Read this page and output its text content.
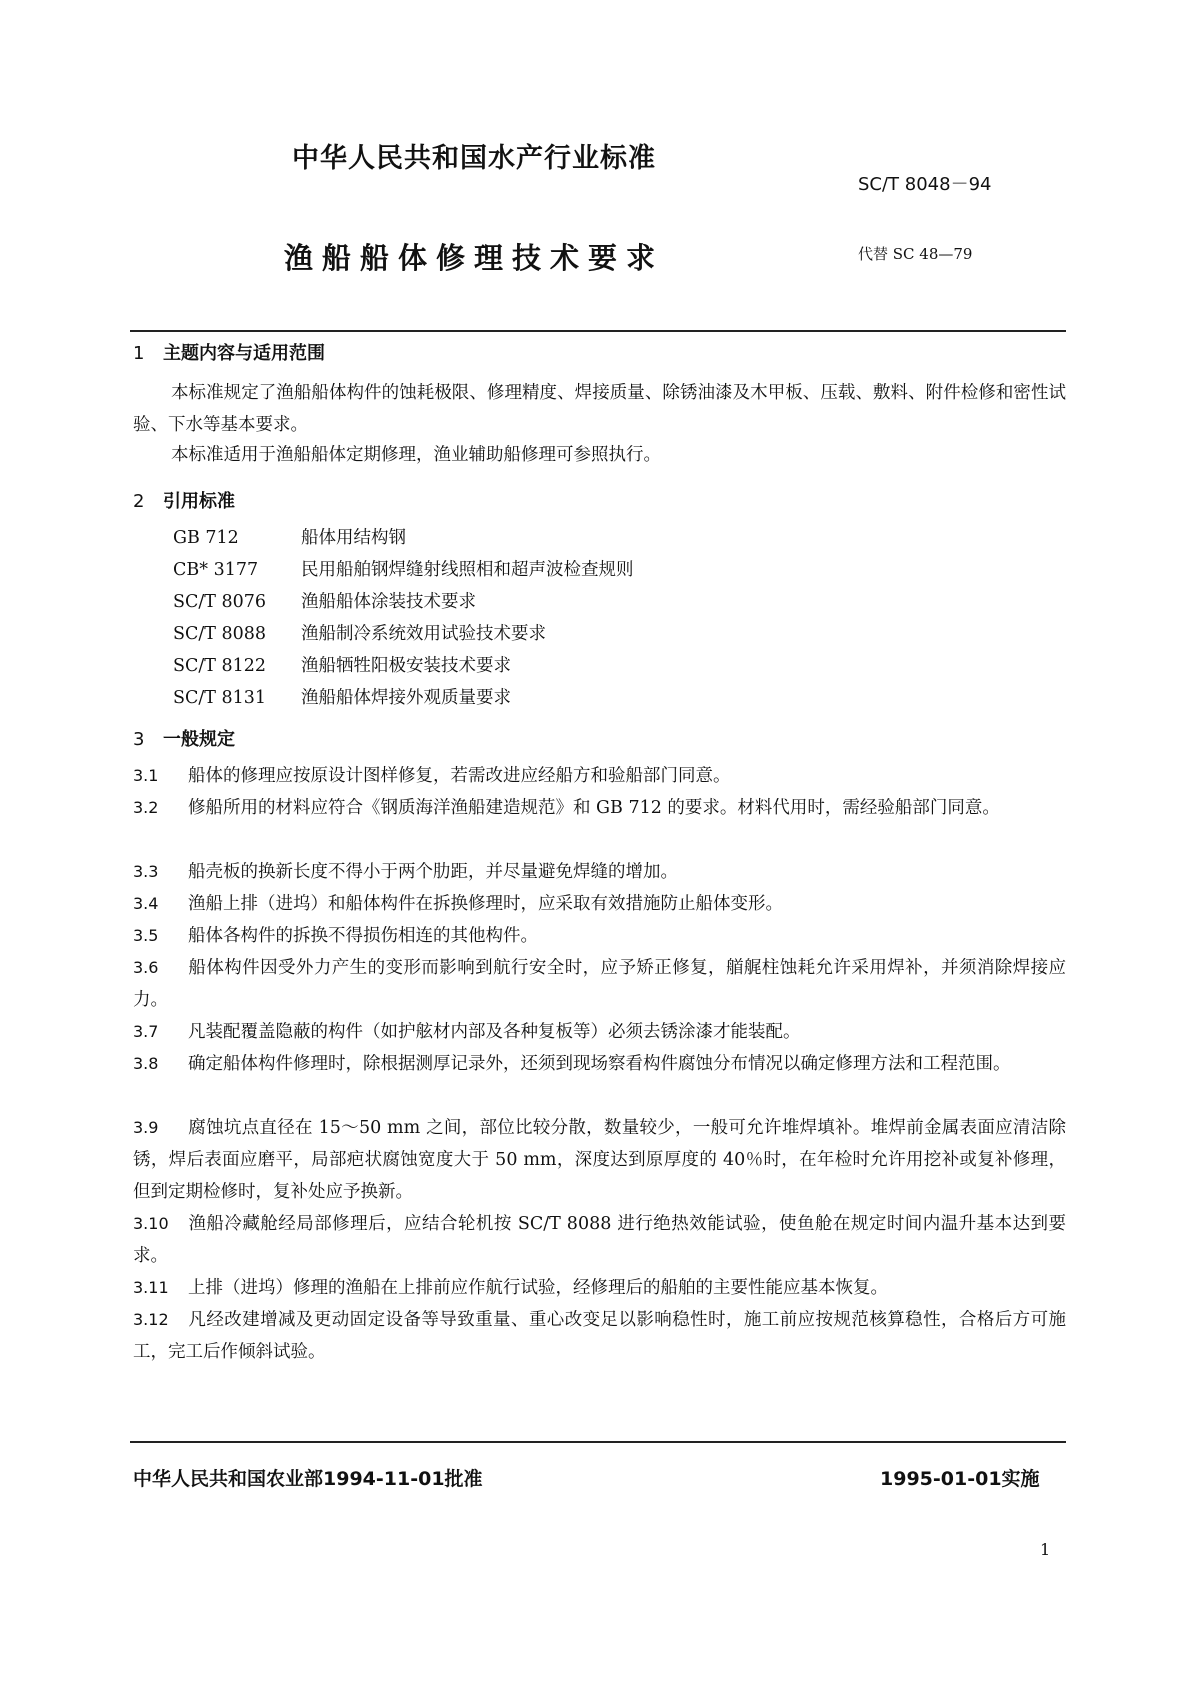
中华人民共和国水产行业标准
SC/T 8048－94
渔船船体修理技术要求	代替 SC 48—79
1 主题内容与适用范围
本标准规定了渔船船体构件的蚀耗极限、修理精度、焊接质量、除锈油漆及木甲板、压载、敷料、附件检修和密性试验、下水等基本要求。
本标准适用于渔船船体定期修理，渔业辅助船修理可参照执行。
2 引用标准
GB 712	船体用结构钢
CB* 3177 民用船舶钢焊缝射线照相和超声波检查规则
SC/T 8076 渔船船体涂装技术要求
SC/T 8088 渔船制冷系统效用试验技术要求
SC/T 8122 渔船牺牲阳极安装技术要求
SC/T 8131 渔船船体焊接外观质量要求
3 一般规定
3.1 船体的修理应按原设计图样修复，若需改进应经船方和验船部门同意。
3.2 修船所用的材料应符合《钢质海洋渔船建造规范》和 GB 712 的要求。材料代用时，需经验船部门同意。
3.3 船壳板的换新长度不得小于两个肋距，并尽量避免焊缝的增加。
3.4 渔船上排（进坞）和船体构件在拆换修理时，应采取有效措施防止船体变形。
3.5 船体各构件的拆换不得损伤相连的其他构件。
3.6 船体构件因受外力产生的变形而影响到航行安全时，应予矫正修复，艏艉柱蚀耗允许采用焊补，并须消除焊接应力。
3.7 凡装配覆盖隐蔽的构件（如护舷材内部及各种复板等）必须去锈涂漆才能装配。
3.8 确定船体构件修理时，除根据测厚记录外，还须到现场察看构件腐蚀分布情况以确定修理方法和工程范围。
3.9 腐蚀坑点直径在 15～50 mm 之间，部位比较分散，数量较少，一般可允许堆焊填补。堆焊前金属表面应清洁除锈，焊后表面应磨平，局部疤状腐蚀宽度大于 50 mm，深度达到原厚度的 40％时，在年检时允许用挖补或复补修理，但到定期检修时，复补处应予换新。
3.10 渔船冷藏舱经局部修理后，应结合轮机按 SC/T 8088 进行绝热效能试验，使鱼舱在规定时间内温升基本达到要求。
3.11 上排（进坞）修理的渔船在上排前应作航行试验，经修理后的船舶的主要性能应基本恢复。
3.12 凡经改建增减及更动固定设备等导致重量、重心改变足以影响稳性时，施工前应按规范核算稳性，合格后方可施工，完工后作倾斜试验。
中华人民共和国农业部1994-11-01批准	1995-01-01实施
1
